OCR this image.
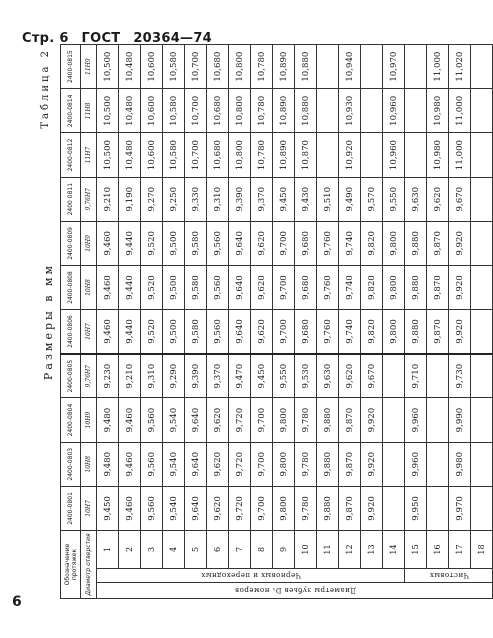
Стр. 6 ГОСТ 20364—74
Таблица 2
Размеры в мм
Обозначение протяжек			2400-0801	2400-0803	2400-0804	2400-0805	2400-0806	2400-0808	2400-0809	2400 0811	2400-0812	2400-0814	2400-0815
Диаметр отверстия			10H7	10H8	10H9	9,76H7	10H7	10H8	10H9	9,76H7	11H7	11H8	11H9
Диаметры зубьев D₁ номеров	Черновых и переходных	1	9,450	9,480	9,480	9,230	9,460	9,460	9,460	9,210	10,500	10,500	10,500
		2	9,460	9,460	9,460	9,210	9,440	9,440	9,440	9,190	10,480	10,480	10,480
		3	9,560	9,560	9,560	9,310	9,520	9,520	9,520	9,270	10,600	10,600	10,600
		4	9,540	9,540	9,540	9,290	9,500	9,500	9,500	9,250	10,580	10,580	10,580
		5	9,640	9,640	9,640	9,390	9,580	9,580	9,580	9,330	10,700	10,700	10,700
		6	9,620	9,620	9,620	9,370	9,560	9,560	9,560	9,310	10,680	10,680	10,680
		7	9,720	9,720	9,720	9,470	9,640	9,640	9,640	9,390	10,800	10,800	10,800
		8	9,700	9,700	9,700	9,450	9,620	9,620	9,620	9,370	10,780	10,780	10,780
		9	9,800	9,800	9,800	9,550	9,700	9,700	9,700	9,450	10,890	10,890	10,890
		10	9,780	9,780	9,780	9,530	9,680	9,680	9,680	9,430	10,870	10,880	10,880
		11	9,880	9,880	9,880	9,630	9,760	9,760	9,760	9,510			
		12	9,870	9,870	9,870	9,620	9,740	9,740	9,740	9,490	10,920	10,930	10,940
		13	9,920	9,920	9,920	9,670	9,820	9,820	9,820	9,570			
		14					9,800	9,800	9,800	9,550	10,960	10,960	10,970
	Чистовых	15	9,950	9,960	9,960	9,710	9,880	9,880	9,880	9,630			
		16					9,870	9,870	9,870	9,620	10,980	10,980	11,000
		17	9,970	9,980	9,990	9,730	9,920	9,920	9,920	9,670	11,000	11,000	11,020
		18											
6
